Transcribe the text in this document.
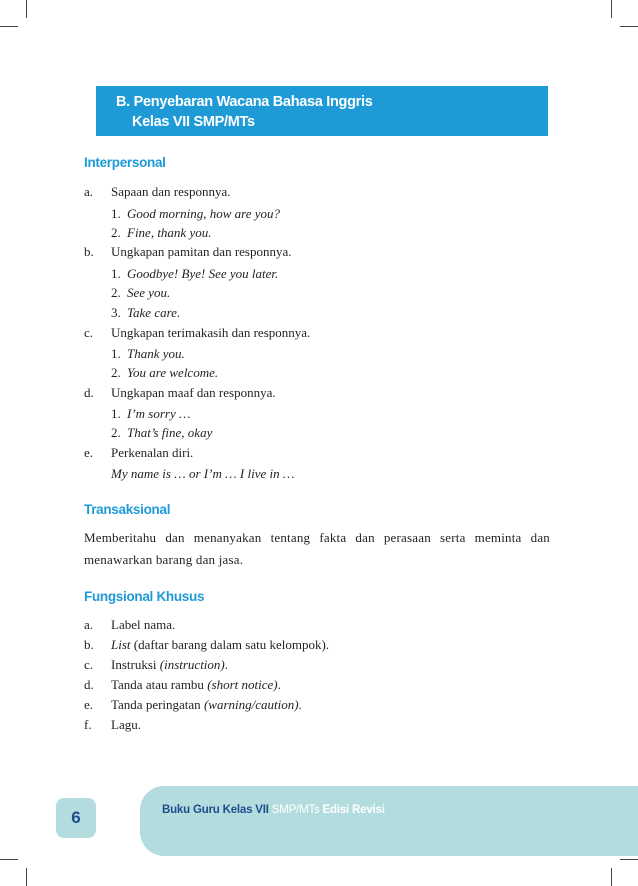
B. Penyebaran Wacana Bahasa Inggris
Kelas VII SMP/MTs
Interpersonal
a. Sapaan dan responnya.
1. Good morning, how are you?
2. Fine, thank you.
b. Ungkapan pamitan dan responnya.
1. Goodbye! Bye! See you later.
2. See you.
3. Take care.
c. Ungkapan terimakasih dan responnya.
1. Thank you.
2. You are welcome.
d. Ungkapan maaf dan responnya.
1. I’m sorry …
2. That’s fine, okay
e. Perkenalan diri.
My name is … or I’m … I live in …
Transaksional
Memberitahu dan menanyakan tentang fakta dan perasaan serta meminta dan menawarkan barang dan jasa.
Fungsional Khusus
a. Label nama.
b. List (daftar barang dalam satu kelompok).
c. Instruksi (instruction).
d. Tanda atau rambu (short notice).
e. Tanda peringatan (warning/caution).
f. Lagu.
Buku Guru Kelas VII SMP/MTs Edisi Revisi
6
